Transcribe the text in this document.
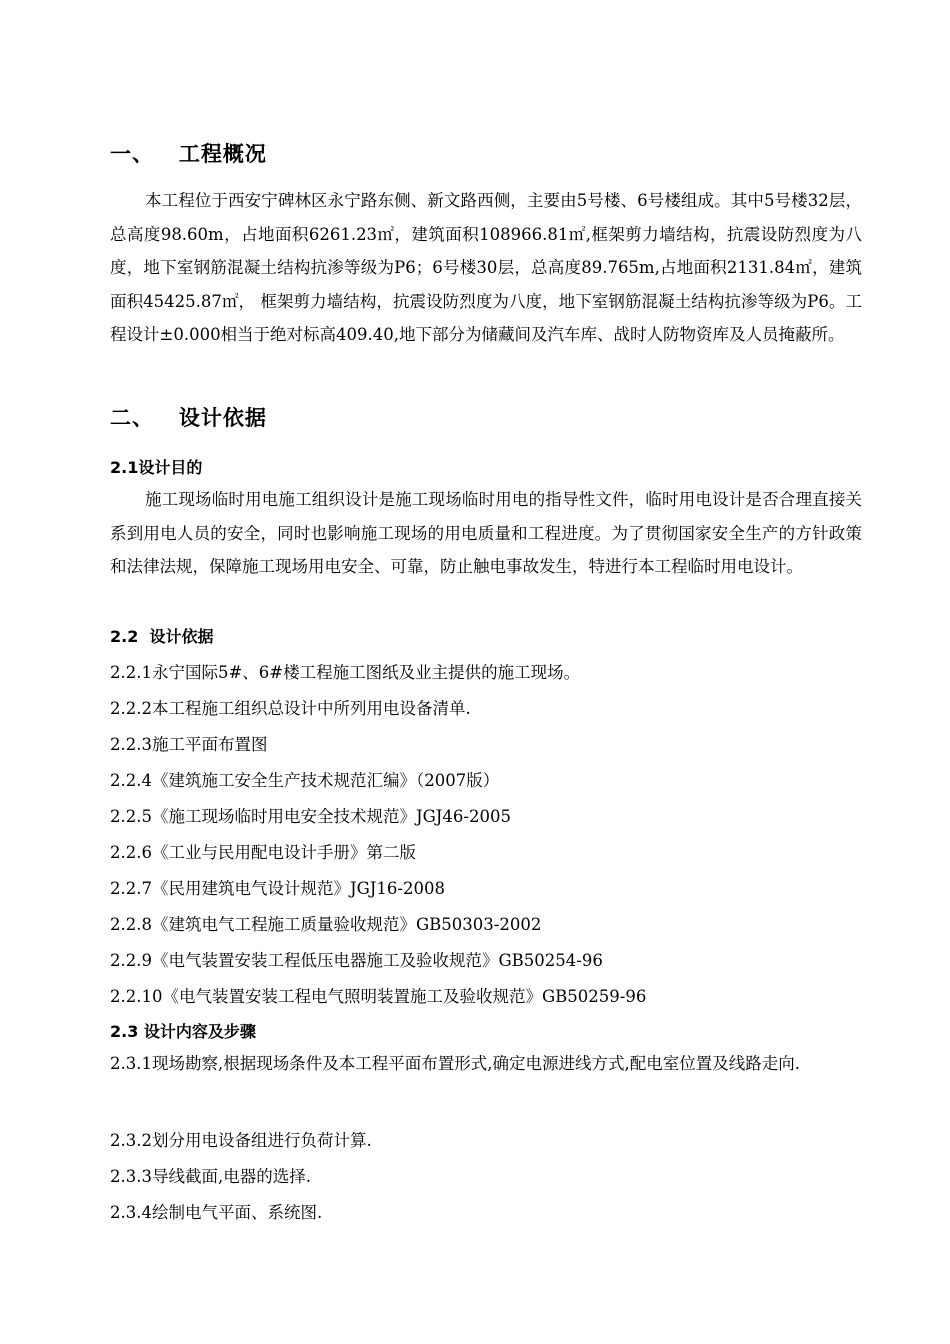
一、   工程概况
本工程位于西安宁碑林区永宁路东侧、新文路西侧，主要由5号楼、6号楼组成。其中5号楼32层，总高度98.60m，占地面积6261.23㎡，建筑面积108966.81㎡,框架剪力墙结构，抗震设防烈度为八度，地下室钢筋混凝土结构抗渗等级为P6；6号楼30层，总高度89.765m,占地面积2131.84㎡，建筑面积45425.87㎡， 框架剪力墙结构，抗震设防烈度为八度，地下室钢筋混凝土结构抗渗等级为P6。工程设计±0.000相当于绝对标高409.40,地下部分为储藏间及汽车库、战时人防物资库及人员掩蔽所。
二、   设计依据
2.1设计目的
施工现场临时用电施工组织设计是施工现场临时用电的指导性文件，临时用电设计是否合理直接关系到用电人员的安全，同时也影响施工现场的用电质量和工程进度。为了贯彻国家安全生产的方针政策和法律法规，保障施工现场用电安全、可靠，防止触电事故发生，特进行本工程临时用电设计。
2.2  设计依据
2.2.1永宁国际5#、6#楼工程施工图纸及业主提供的施工现场。
2.2.2本工程施工组织总设计中所列用电设备清单.
2.2.3施工平面布置图
2.2.4《建筑施工安全生产技术规范汇编》（2007版）
2.2.5《施工现场临时用电安全技术规范》JGJ46-2005
2.2.6《工业与民用配电设计手册》第二版
2.2.7《民用建筑电气设计规范》JGJ16-2008
2.2.8《建筑电气工程施工质量验收规范》GB50303-2002
2.2.9《电气装置安装工程低压电器施工及验收规范》GB50254-96
2.2.10《电气装置安装工程电气照明装置施工及验收规范》GB50259-96
2.3 设计内容及步骤
2.3.1现场勘察,根据现场条件及本工程平面布置形式,确定电源进线方式,配电室位置及线路走向.
2.3.2划分用电设备组进行负荷计算.
2.3.3导线截面,电器的选择.
2.3.4绘制电气平面、系统图.
